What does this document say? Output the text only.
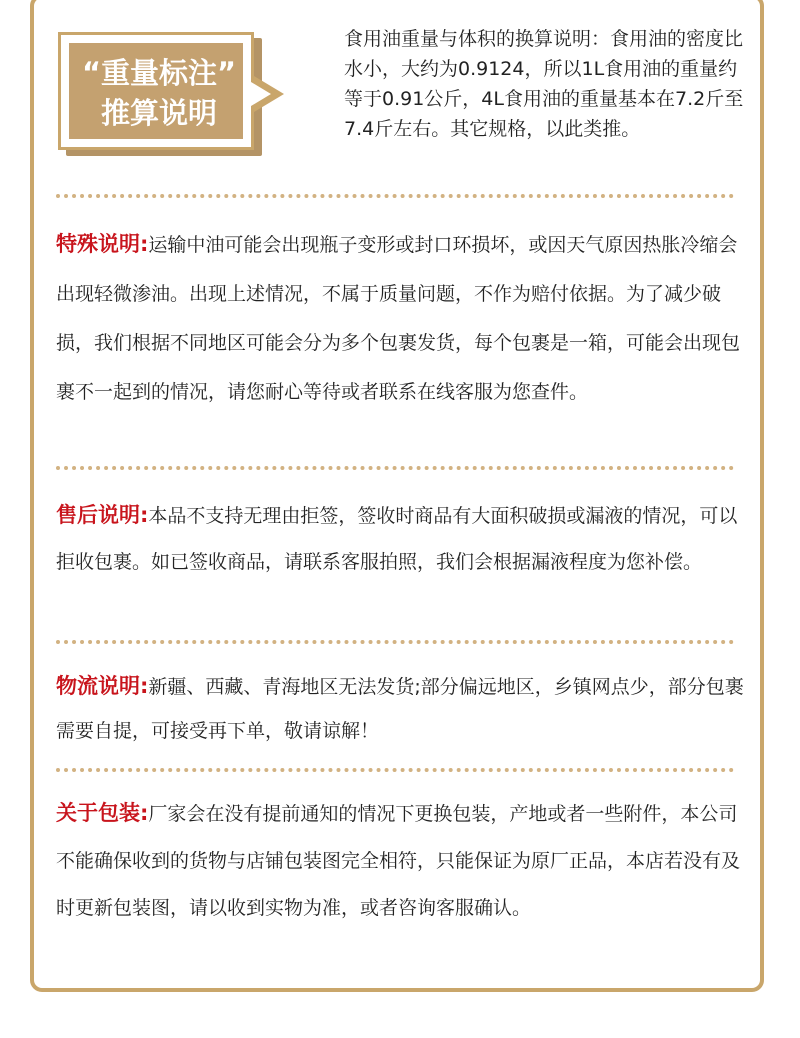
“重量标注”
推算说明
食用油重量与体积的换算说明：食用油的密度比水小，大约为0.9124，所以1L食用油的重量约等于0.91公斤，4L食用油的重量基本在7.2斤至7.4斤左右。其它规格，以此类推。
特殊说明:运输中油可能会出现瓶子变形或封口环损坏，或因天气原因热胀冷缩会出现轻微渗油。出现上述情况，不属于质量问题，不作为赔付依据。为了减少破损，我们根据不同地区可能会分为多个包裹发货，每个包裹是一箱，可能会出现包裹不一起到的情况，请您耐心等待或者联系在线客服为您查件。
售后说明:本品不支持无理由拒签，签收时商品有大面积破损或漏液的情况，可以拒收包裹。如已签收商品，请联系客服拍照，我们会根据漏液程度为您补偿。
物流说明:新疆、西藏、青海地区无法发货;部分偏远地区，乡镇网点少，部分包裹需要自提，可接受再下单，敬请谅解！
关于包装:厂家会在没有提前通知的情况下更换包装，产地或者一些附件，本公司不能确保收到的货物与店铺包装图完全相符，只能保证为原厂正品，本店若没有及时更新包装图，请以收到实物为准，或者咨询客服确认。
